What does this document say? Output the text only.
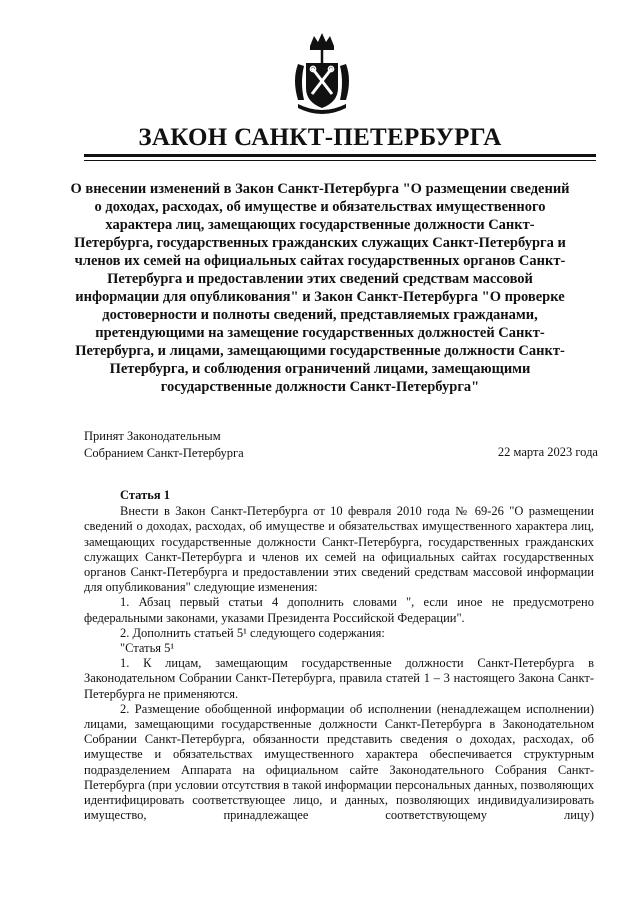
ЗАКОН САНКТ-ПЕТЕРБУРГА
О внесении изменений в Закон Санкт-Петербурга "О размещении сведений о доходах, расходах, об имуществе и обязательствах имущественного характера лиц, замещающих государственные должности Санкт-Петербурга, государственных гражданских служащих Санкт-Петербурга и членов их семей на официальных сайтах государственных органов Санкт-Петербурга и предоставлении этих сведений средствам массовой информации для опубликования" и Закон Санкт-Петербурга "О проверке достоверности и полноты сведений, представляемых гражданами, претендующими на замещение государственных должностей Санкт-Петербурга, и лицами, замещающими государственные должности Санкт-Петербурга, и соблюдения ограничений лицами, замещающими государственные должности Санкт-Петербурга"
Принят Законодательным
Собранием Санкт-Петербурга	22 марта 2023 года

Статья 1

Внести в Закон Санкт-Петербурга от 10 февраля 2010 года № 69-26 "О размещении сведений о доходах, расходах, об имуществе и обязательствах имущественного характера лиц, замещающих государственные должности Санкт-Петербурга, государственных гражданских служащих Санкт-Петербурга и членов их семей на официальных сайтах государственных органов Санкт-Петербурга и предоставлении этих сведений средствам массовой информации для опубликования" следующие изменения:

1. Абзац первый статьи 4 дополнить словами ", если иное не предусмотрено федеральными законами, указами Президента Российской Федерации".

2. Дополнить статьей 5¹ следующего содержания:

"Статья 5¹

1. К лицам, замещающим государственные должности Санкт-Петербурга в Законодательном Собрании Санкт-Петербурга, правила статей 1 – 3 настоящего Закона Санкт-Петербурга не применяются.

2. Размещение обобщенной информации об исполнении (ненадлежащем исполнении) лицами, замещающими государственные должности Санкт-Петербурга в Законодательном Собрании Санкт-Петербурга, обязанности представить сведения о доходах, расходах, об имуществе и обязательствах имущественного характера обеспечивается структурным подразделением Аппарата на официальном сайте Законодательного Собрания Санкт-Петербурга (при условии отсутствия в такой информации персональных данных, позволяющих идентифицировать соответствующее лицо, и данных, позволяющих индивидуализировать имущество, принадлежащее соответствующему лицу)
